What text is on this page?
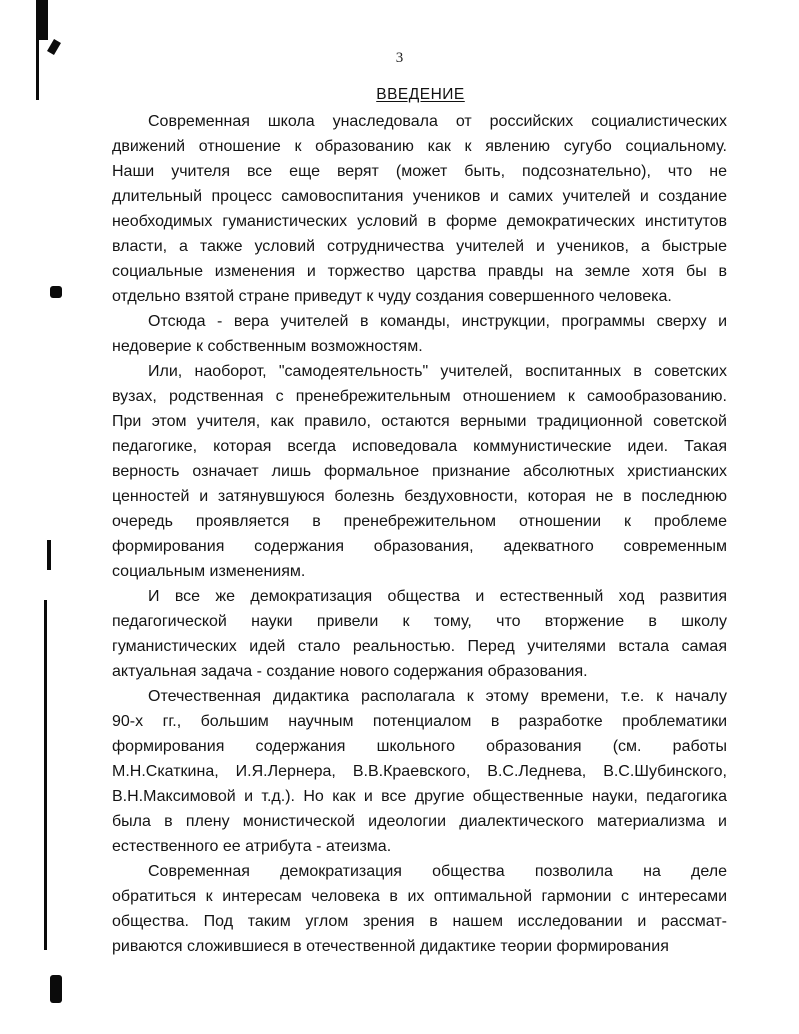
3
ВВЕДЕНИЕ
Современная школа унаследовала от российских социалистических
движений отношение к образованию как к явлению сугубо социальному.
Наши учителя все еще верят (может быть, подсознательно), что не
длительный процесс самовоспитания учеников и самих учителей и создание
необходимых гуманистических условий в форме демократических институтов
власти, а также условий сотрудничества учителей и учеников, а быстрые
социальные изменения и торжество царства правды на земле хотя бы в
отдельно взятой стране приведут к чуду создания совершенного человека.
Отсюда - вера учителей в команды, инструкции, программы сверху и
недоверие к собственным возможностям.
Или, наоборот, "самодеятельность" учителей, воспитанных в советских
вузах, родственная с пренебрежительным отношением к самообразованию.
При этом учителя, как правило, остаются верными традиционной советской
педагогике, которая всегда исповедовала коммунистические идеи. Такая
верность означает лишь формальное признание абсолютных христианских
ценностей и затянувшуюся болезнь бездуховности, которая не в последнюю
очередь проявляется в пренебрежительном отношении к проблеме
формирования содержания образования, адекватного современным
социальным изменениям.
И все же демократизация общества и естественный ход развития
педагогической науки привели к тому, что вторжение в школу
гуманистических идей стало реальностью. Перед учителями встала самая
актуальная задача - создание нового содержания образования.
Отечественная дидактика располагала к этому времени, т.е. к началу
90-х гг., большим научным потенциалом в разработке проблематики
формирования содержания школьного образования (см. работы
М.Н.Скаткина, И.Я.Лернера, В.В.Краевского, В.С.Леднева, В.С.Шубинского,
В.Н.Максимовой и т.д.). Но как и все другие общественные науки, педагогика
была в плену монистической идеологии диалектического материализма и
естественного ее атрибута - атеизма.
Современная демократизация общества позволила на деле
обратиться к интересам человека в их оптимальной гармонии с интересами
общества. Под таким углом зрения в нашем исследовании и рассмат-
риваются сложившиеся в отечественной дидактике теории формирования
